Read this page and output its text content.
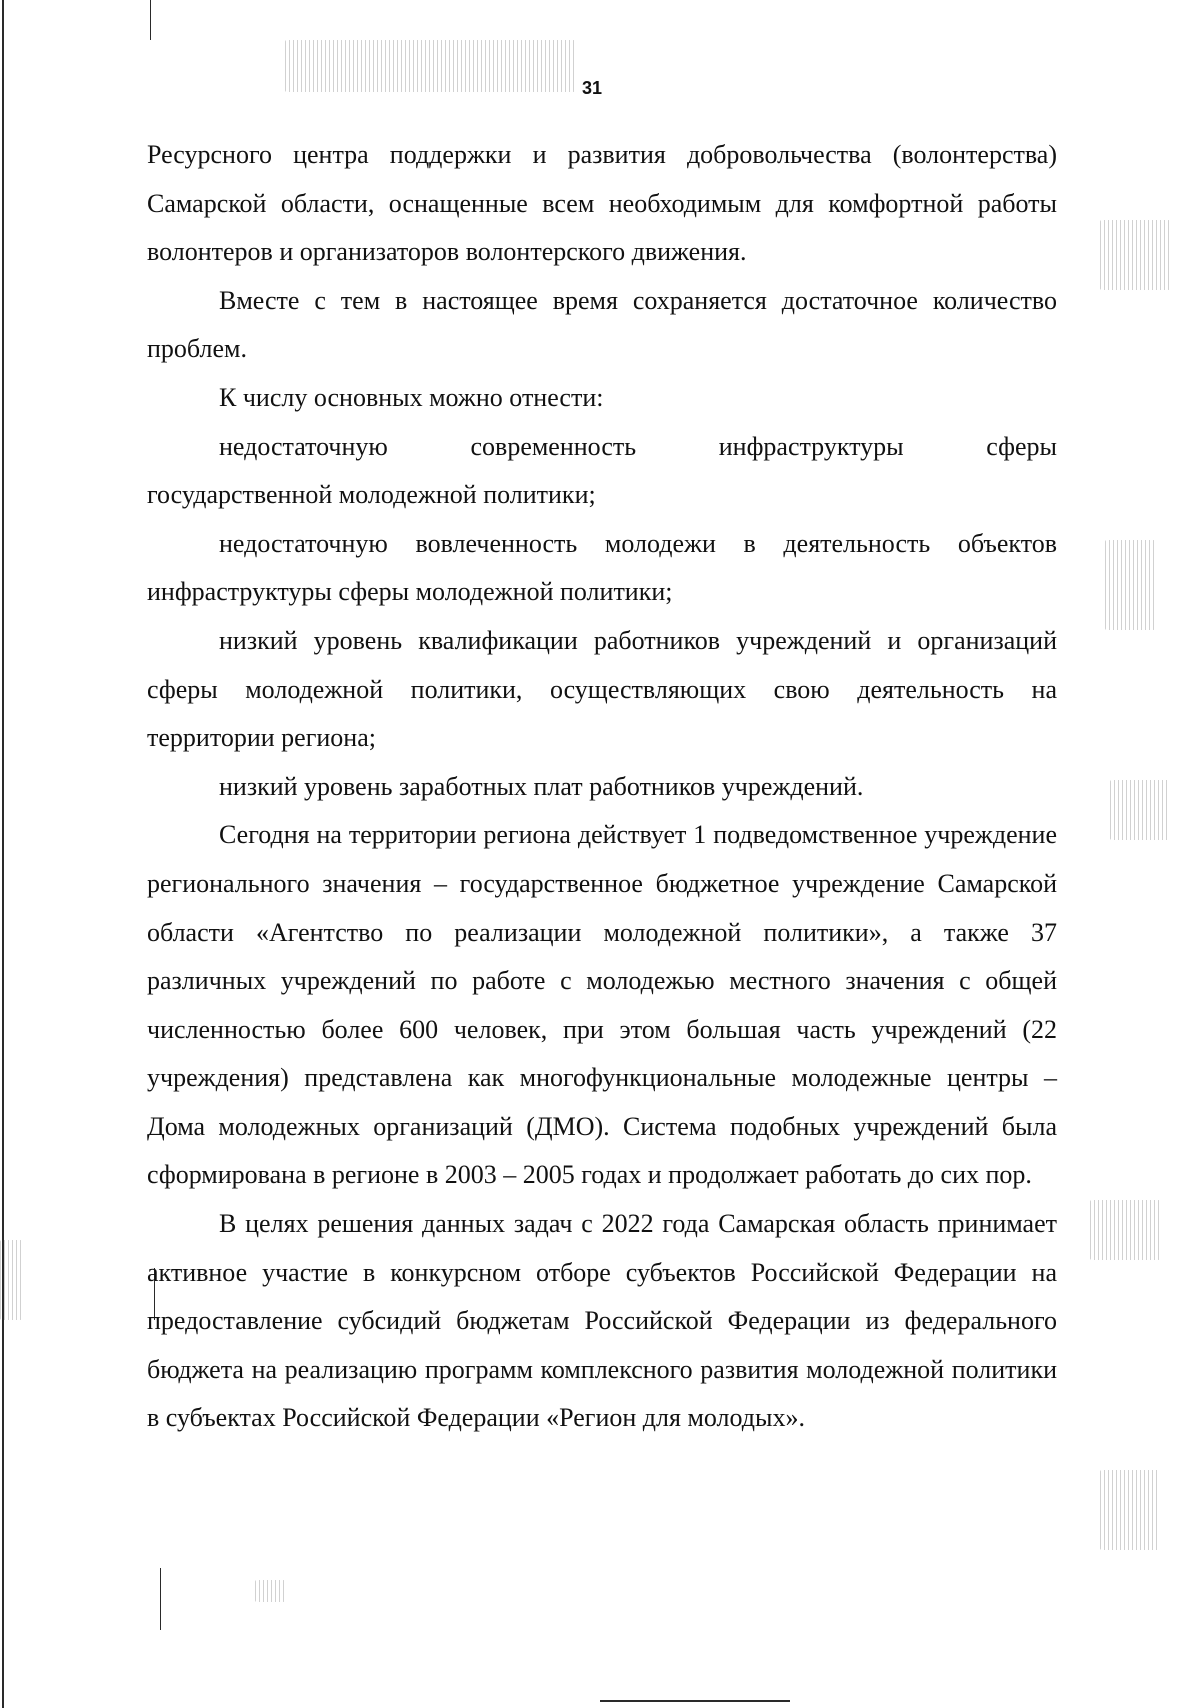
31

Ресурсного центра поддержки и развития добровольчества (волонтерства) Самарской области, оснащенные всем необходимым для комфортной работы волонтеров и организаторов волонтерского движения.

Вместе с тем в настоящее время сохраняется достаточное количество проблем.

К числу основных можно отнести:

недостаточную современность инфраструктуры сферы

государственной молодежной политики;

недостаточную вовлеченность молодежи в деятельность объектов инфраструктуры сферы молодежной политики;

низкий уровень квалификации работников учреждений и организаций сферы молодежной политики, осуществляющих свою деятельность на территории региона;

низкий уровень заработных плат работников учреждений.

Сегодня на территории региона действует 1 подведомственное учреждение регионального значения – государственное бюджетное учреждение Самарской области «Агентство по реализации молодежной политики», а также 37 различных учреждений по работе с молодежью местного значения с общей численностью более 600 человек, при этом большая часть учреждений (22 учреждения) представлена как многофункциональные молодежные центры – Дома молодежных организаций (ДМО). Система подобных учреждений была сформирована в регионе в 2003 – 2005 годах и продолжает работать до сих пор.

В целях решения данных задач с 2022 года Самарская область принимает активное участие в конкурсном отборе субъектов Российской Федерации на предоставление субсидий бюджетам Российской Федерации из федерального бюджета на реализацию программ комплексного развития молодежной политики в субъектах Российской Федерации «Регион для молодых».
